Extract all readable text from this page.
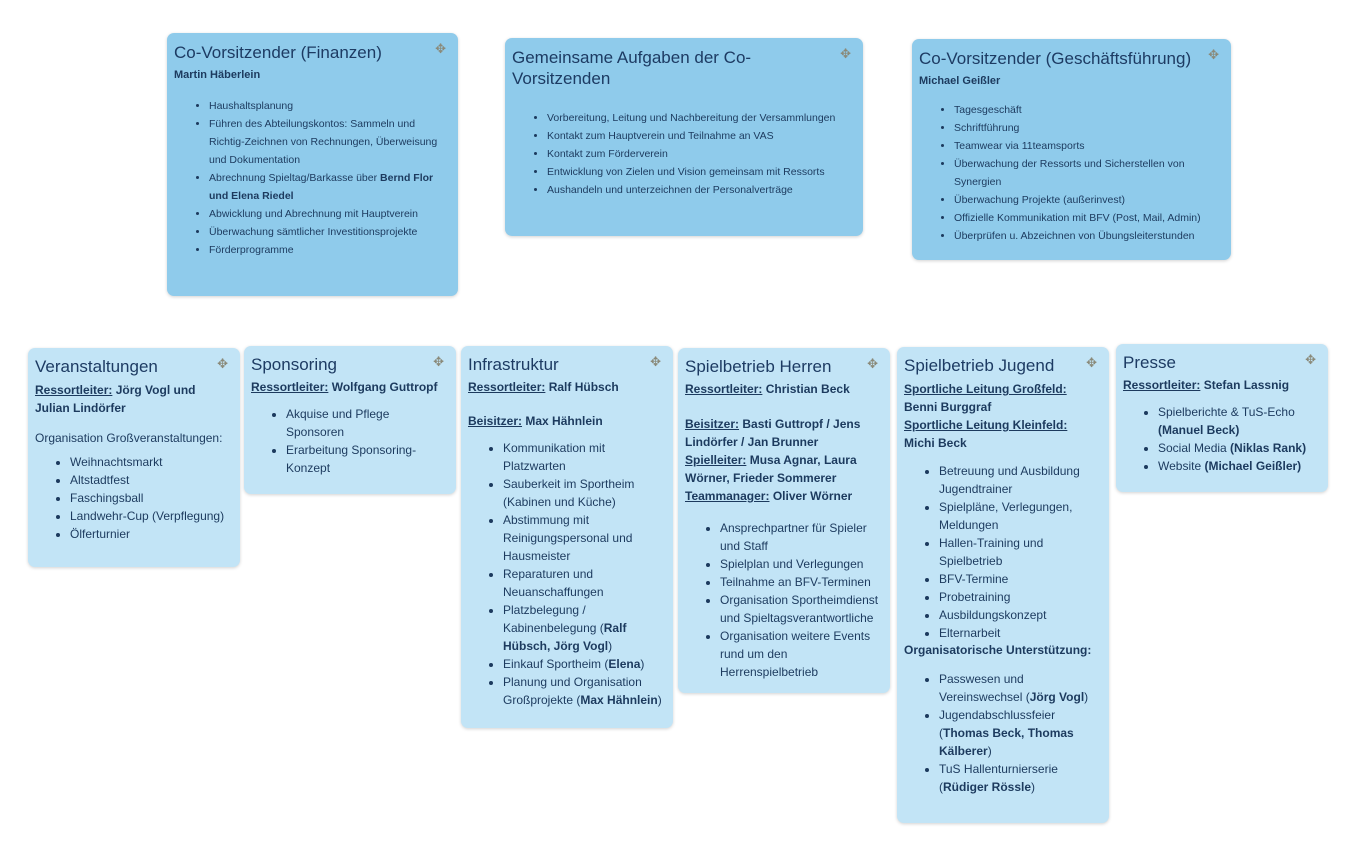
Co-Vorsitzender (Finanzen)	✥
Martin Häberlein
• Haushaltsplanung
• Führen des Abteilungskontos: Sammeln und Richtig-Zeichnen von Rechnungen, Überweisung und Dokumentation
• Abrechnung Spieltag/Barkasse über Bernd Flor und Elena Riedel
• Abwicklung und Abrechnung mit Hauptverein
• Überwachung sämtlicher Investitionsprojekte
• Förderprogramme
Gemeinsame Aufgaben der Co-Vorsitzenden
✥
• Vorbereitung, Leitung und Nachbereitung der Versammlungen
• Kontakt zum Hauptverein und Teilnahme an VAS
• Kontakt zum Förderverein
• Entwicklung von Zielen und Vision gemeinsam mit Ressorts
• Aushandeln und unterzeichnen der Personalverträge
Co-Vorsitzender (Geschäftsführung)	✥
Michael Geißler
• Tagesgeschäft
• Schriftführung
• Teamwear via 11teamsports
• Überwachung der Ressorts und Sicherstellen von Synergien
• Überwachung Projekte (außerinvest)
• Offizielle Kommunikation mit BFV (Post, Mail, Admin)
• Überprüfen u. Abzeichnen von Übungsleiterstunden
Veranstaltungen	✥
Ressortleiter: Jörg Vogl und Julian Lindörfer
Organisation Großveranstaltungen:
• Weihnachtsmarkt
• Altstadtfest
• Faschingsball
• Landwehr-Cup (Verpflegung)
• Ölferturnier
Sponsoring	✥
Ressortleiter: Wolfgang Guttropf
• Akquise und Pflege Sponsoren
• Erarbeitung Sponsoring-Konzept
Infrastruktur	✥
Ressortleiter: Ralf Hübsch
Beisitzer: Max Hähnlein
• Kommunikation mit Platzwarten
• Sauberkeit im Sportheim (Kabinen und Küche)
• Abstimmung mit Reinigungspersonal und Hausmeister
• Reparaturen und Neuanschaffungen
• Platzbelegung / Kabinenbelegung (Ralf Hübsch, Jörg Vogl)
• Einkauf Sportheim (Elena)
• Planung und Organisation Großprojekte (Max Hähnlein)
Spielbetrieb Herren	✥
Ressortleiter: Christian Beck
Beisitzer: Basti Guttropf / Jens Lindörfer / Jan Brunner
Spielleiter: Musa Agnar, Laura Wörner, Frieder Sommerer
Teammanager: Oliver Wörner
• Ansprechpartner für Spieler und Staff
• Spielplan und Verlegungen
• Teilnahme an BFV-Terminen
• Organisation Sportheimdienst und Spieltagsverantwortliche
• Organisation weitere Events rund um den Herrenspielbetrieb
Spielbetrieb Jugend	✥
Sportliche Leitung Großfeld:
Benni Burggraf
Sportliche Leitung Kleinfeld:
Michi Beck
• Betreuung und Ausbildung Jugendtrainer
• Spielpläne, Verlegungen, Meldungen
• Hallen-Training und Spielbetrieb
• BFV-Termine
• Probetraining
• Ausbildungskonzept
• Elternarbeit
Organisatorische Unterstützung:
• Passwesen und Vereinswechsel (Jörg Vogl)
• Jugendabschlussfeier (Thomas Beck, Thomas Kälberer)
• TuS Hallenturnierserie (Rüdiger Rössle)
Presse	✥
Ressortleiter: Stefan Lassnig
• Spielberichte & TuS-Echo (Manuel Beck)
• Social Media (Niklas Rank)
• Website (Michael Geißler)
